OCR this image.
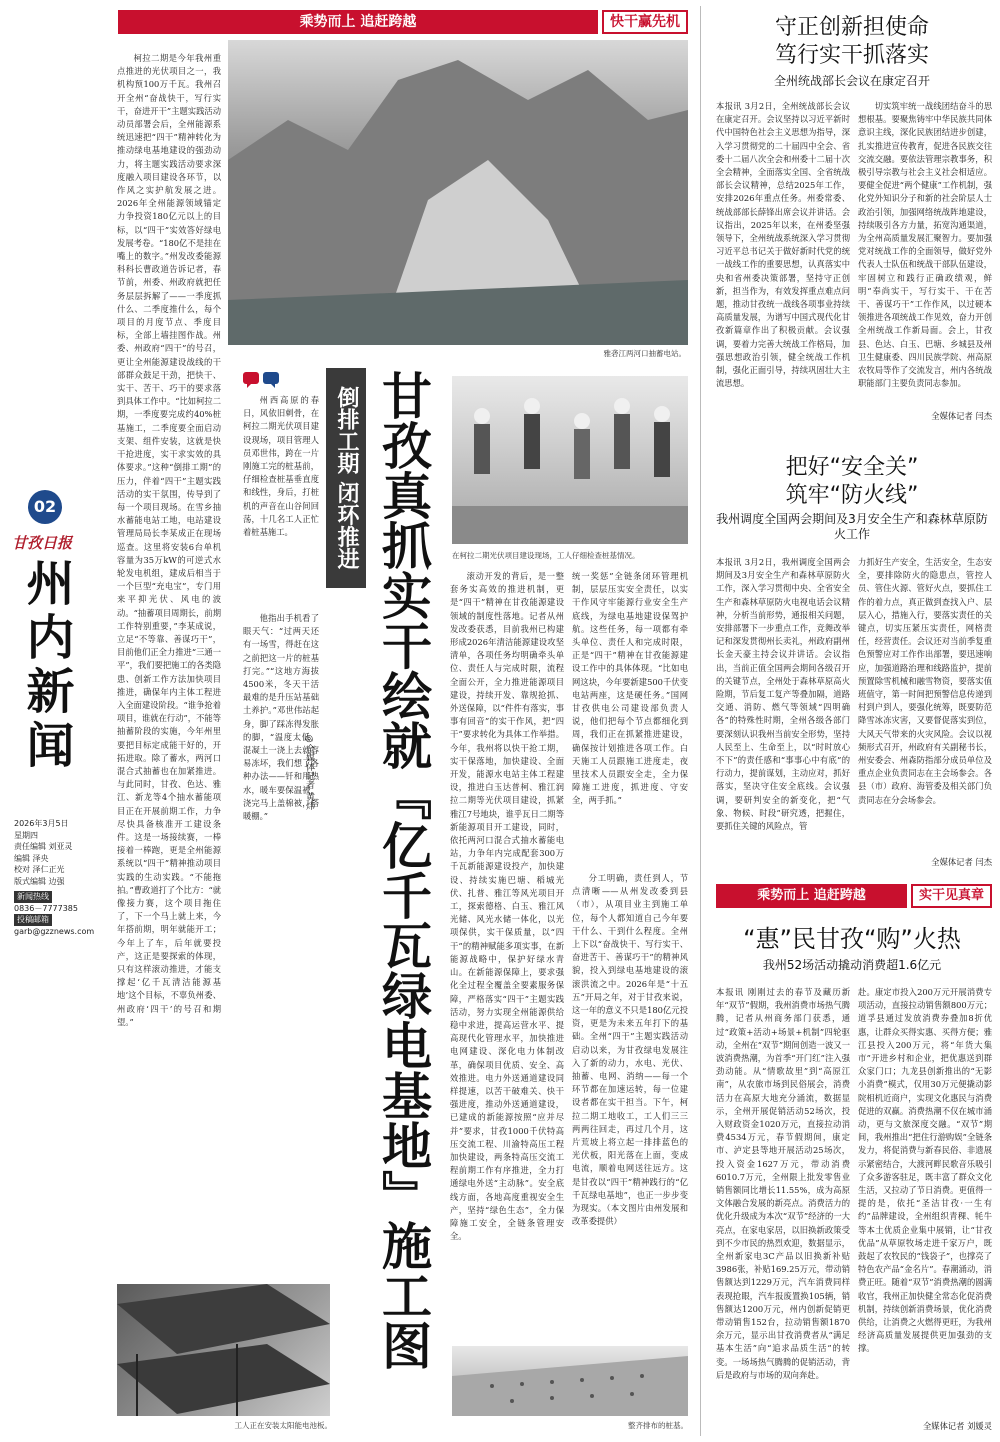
02
甘孜日报
州内新闻
2026年3月5日
星期四
责任编辑 刘亚灵
编辑 泽央
校对 泽仁正光
版式编辑 边强
新闻热线
0836－7777385
投稿邮箱
garb@gzznews.com
乘势而上 追赶跨越	快干赢先机
柯拉二期是今年我州重点推进的光伏项目之一，我机构预100万千瓦。我州召开全州“奋战快干，写行实干，奋进开干”主题实践活动动员部署会后，全州能源系统迅速把“四干”精神转化为推动绿电基地建设的强劲动力，将主题实践活动要求深度融入项目建设各环节，以作风之实护航发展之进。2026年全州能源领域锚定力争投资180亿元以上的目标，以“四干”实效答好绿电发展考卷。“180亿不是挂在嘴上的数字。”州发改委能源科科长曹政道告诉记者，春节前，州委、州政府就把任务层层拆解了——一季度抓什么、二季度推什么，每个项目的月度节点、季度目标，全部上墙挂图作战。州委、州政府“四干”的号召，更让全州能源建设战线的干部群众鼓足干劲，把快干、实干、苦干、巧干的要求落到具体工作中。“比如柯拉二期，一季度要完成约40%桩基施工，二季度要全面启动支架、组件安装，这就是快干抢进度，实干求实效的具体要求。”这种“倒排工期”的压力，伴着“四干”主题实践活动的实干氛围，传导到了每一个项目现场。在雪乡抽水蓄能电站工地，电站建设管理局局长李某成正在现场巡查。这里将安装6台单机容量为35万kW的可逆式水轮发电机组，建成后相当于一个巨型“充电宝”，专门用来平抑光伏、风电的波动。“抽蓄项目周期长，前期工作特别重要，”李某成说，立足“不等靠、善谋巧干”，目前他们正全力推进“三通一平”，我们要把施工的各类隐患、创新工作方法加快项目推进，确保年内主体工程进入全面建设阶段。“谁争抢着项目，谁就在行动”，不能等抽蓄阶段的实施，今年州里要把目标定成能干好的，开拓进取。除了蓄水，两河口混合式抽蓄也在加紧推进。与此同时，甘孜、色达、雅江、新龙等4个抽水蓄能项目正在开展前期工作，力争尽快具备核准开工建设条件。这是一场接续赛，一棒接着一棒跑，更是全州能源系统以“四干”精神推动项目实践的生动实践。“不能拖拍。”曹政道打了个比方：“就像接力赛，这个项目拖住了，下一个马上就上来，今年搭前期，明年就能开工；今年上了车，后年就要投产，这正是要探索的体现，只有这样滚动推进，才能支撑起‘亿千瓦清洁能源基地’这个目标，不辜负州委、州政府‘四干’的号召和期望。”
雅砻江两河口抽蓄电站。
倒排工期 闭环推进 甘孜真抓实干绘就『亿千瓦绿电基地』施工图
州西高原的春日，风依旧刺骨，在柯拉二期光伏项目建设现场，项目管理人员邓世伟，跨在一片刚施工完的桩基前，仔细检查桩基垂直度和线性，身后，打桩机的声音在山谷间回荡，十几名工人正忙着桩基施工。
他指出手机看了眼天气：“过两天还有一场雪，得赶在这之前把这一片的桩基打完。”“这地方海拔4500米，冬天干活最难的是升压站基础土养护。”邓世伟站起身，脚了踩冻得发胀的脚，“温度太低，混凝土一浇上去就容易冻坏，我们想了各种办法——钎和用热水，暖车要保温被，浇完马上盖棉被，搭暖棚。”
◎全媒体记者 黄炜
在柯拉二期光伏项目建设现场，工人仔细检查桩基情况。
滚动开发的背后，是一整套务实高效的推进机制，更是“四干”精神在甘孜能源建设领域的制度性落地。记者从州发改委获悉，目前我州已构建形成2026年清洁能源建设攻坚清单，各项任务均明确牵头单位、责任人与完成时限，流程全面公开，全力推进能源项目建设，持续开发、靠规抢抓、外送保障，以“件件有落实，事事有回音”的实干作风，把“四干”要求转化为具体工作举措。今年，我州将以快干抢工期，实干保落地，加快建设、全面开发，能源水电站主体工程建设，推进白玉达普柯、雅江润拉二期等光伏项目建设，抓紧雅江7号地块，谁乎瓦日二期等新能源项目开工建设，同时，依托两河口混合式抽水蓄能电站，力争年内完成配套300万千瓦新能源建设投产，加快建设、持续实施巴塘、稻城光伏、扎普、雅江等风光项目开工，探索德格、白玉、雅江风光储、风光水储一体化，以光项保供，实干保质量，以“四干”的精神赋能多项实事，在新能源战略中，保护好绿水青山。在新能源保障上，要求强化全过程全覆盖全要素服务保障，严格落实“四干”主题实践活动，努力实现全州能源供给稳中求进，提高运营水平、提高现代化管理水平，加快推进电网建设、深化电力体制改革，确保项目优质、安全、高效推进。电力外送通道建设同样提速，以苦干破难关、快干强进度，推动外送通道建设，已建成的新能源按照“应并尽并”要求，甘孜1000千伏特高压交流工程、川渝特高压工程加快建设，两条特高压交流工程前期工作有序推进，全力打通绿电外送“主动脉”。安全底线方面，各地高度重视安全生产，坚持“绿色生态”，全力保障施工安全，全链条管理安全。
统一奖惩”全链条闭环管理机制，层层压实安全责任，以实干作风守牢能源行业安全生产底线，为绿电基地建设保驾护航。这些任务，每一项都有牵头单位、责任人和完成时限，正是“四干”精神在甘孜能源建设工作中的具体体现。“比如电网这块，今年要新建500千伏变电站两座，这是硬任务。”国网甘孜供电公司建设部负责人说，他们把每个节点都细化到周，我们正在抓紧推进建设，确保按计划推进各项工作。白天施工人员跟施工进度走，夜里技术人员跟安全走，全力保障施工进度，抓进度、守安全，两手抓。”
分工明确，责任到人，节点清晰——从州发改委到县（市），从项目业主到施工单位，每个人都知道自己今年要干什么、干到什么程度。全州上下以“奋战快干、写行实干、奋进苦干、善谋巧干”的精神风貌，投入到绿电基地建设的滚滚洪流之中。2026年是“十五五”开局之年，对于甘孜来说，这一年的意义不只是180亿元投资，更是为未来五年打下的基础。全州“四干”主题实践活动启动以来，为甘孜绿电发展注入了新的动力，水电、光伏、抽蓄、电网、消纳——每一个环节都在加速运转，每一位建设者都在实干担当。下午，柯拉二期工地收工，工人们三三两两往回走，再过几个月，这片荒坡上将立起一排排蓝色的光伏板，阳光落在上面，变成电流，顺着电网送往远方。这是甘孜以“四干”精神践行的“亿千瓦绿电基地”，也正一步步变为现实。（本文图片由州发展和改革委提供）
工人正在安装太阳能电池板。	整齐排布的桩基。
守正创新担使命
笃行实干抓落实
全州统战部长会议在康定召开
本报讯 3月2日，全州统战部长会议在康定召开。会议坚持以习近平新时代中国特色社会主义思想为指导，深入学习贯彻党的二十届四中全会、省委十二届八次全会和州委十二届十次全会精神，全面落实全国、全省统战部长会议精神，总结2025年工作，安排2026年重点任务。州委常委、统战部部长薛锋出席会议并讲话。会议指出，2025年以来，在州委坚强领导下，全州统战系统深入学习贯彻习近平总书记关于做好新时代党的统一战线工作的重要思想，认真落实中央和省州委决策部署，坚持守正创新，担当作为，有效发挥重点难点问题，推动甘孜统一战线各项事业持续高质量发展，为谱写中国式现代化甘孜新篇章作出了积极贡献。会议强调，要着力完善大统战工作格局，加强思想政治引领，健全统战工作机制，强化正面引导，持续巩固壮大主流思想。
切实筑牢统一战线团结奋斗的思想根基。要聚焦铸牢中华民族共同体意识主线，深化民族团结进步创建，扎实推进宣传教育，促进各民族交往交流交融。要依法管理宗教事务，积极引导宗教与社会主义社会相适应。要健全促进“两个健康”工作机制，强化党外知识分子和新的社会阶层人士政治引领，加强网络统战阵地建设，持续吸引各方力量，拓宽沟通渠道，为全州高质量发展汇聚智力。要加强党对统战工作的全面领导，做好党外代表人士队伍和统战干部队伍建设，牢固树立和践行正确政绩观，鲜明“奉尚实干，写行实干、干在苦干、善谋巧干”工作作风，以过硬本领推进各项统战工作见效，奋力开创全州统战工作新局面。会上，甘孜县、色达、白玉、巴塘、乡城县及州卫生健康委、四川民族学院、州高原农牧局等作了交流发言，州内各统战职能部门主要负责同志参加。
全媒体记者 闫杰
把好“安全关”
筑牢“防火线”
我州调度全国两会期间及3月安全生产和森林草原防火工作
本报讯 3月2日，我州调度全国两会期间及3月安全生产和森林草原防火工作，深入学习贯彻中央、全省安全生产和森林草原防火电视电话会议精神，分析当前形势，通报相关问题，安排部署下一步重点工作，竞舞改举记和深发贯彻州长卖礼，州政府副州长金天豪主持会议并讲话。会议指出，当前正值全国两会期间各级召开的关键节点，全州处于森林草原高火险期，节后复工复产等叠加隔，道路交通、消防、燃气等领域“四明确各”的特殊性时期，全州各级各部门要深刻认识我州当前安全形势，坚持人民至上、生命至上，以“时时放心不下”的责任感和“事事心中有底”的行动力，提前谋划，主动应对，抓好落实，坚决守住安全底线。会议强调，要研判安全的新变化，把“气象、物候、时段”研究透，把握住，要抓住关键的风险点，管
力抓好生产安全，生活安全，生态安全，要排除防火的隐患点，管控人员、管住火源、管好火点，要抓住工作的着力点，真正做到查找入户、层层入心，措施入行，要落实责任的关键点，切实压紧压实责任，网格责任，经营责任。会议还对当前季复重色预警应对工作作出部署，要迅速响应，加强道路治理和线路监护，提前预置除雪机械和融雪物资，要落实值班值守，第一时间把预警信息传递到村到户到人，要强化统筹，既要防范降雪冰冻灾害，又要督促落实到位，大风天气带来的火灾风险。会议以视频形式召开，州政府有关副秘书长，州安委会、州森防指部分成员单位及重点企业负责同志在主会场参会。各县（市）政府、海管委及相关部门负责同志在分会场参会。
全媒体记者 闫杰
乘势而上 追赶跨越	实干见真章
“惠”民甘孜“购”火热
我州52场活动撬动消费超1.6亿元
本报讯 刚刚过去的春节及藏历新年“双节”假期，我州消费市场热气腾腾，记者从州商务部门获悉，通过“政策+活动+场景+机制”四轮驱动，全州在“双节”期间创造一波又一波消费热潮，为首季“开门红”注入强劲动能。从“情歌故里”到“高原江南”，从农旅市场到民俗展会，消费活力在高原大地充分涌流，数据显示，全州开展促销活动52场次，投入财政资金1020万元，直接拉动消费4534万元，春节假期间，康定市、泸定县等地开展活动25场次，投入资金1627万元，带动消费6010.7万元，全州限上批发零售业销售额同比增长11.55%，成为高原文体融合发展的新亮点。消费活力的优化升级成为本次“双节”经济的一大亮点，在家电家居，以旧换新政策受到不少市民的热烈欢迎，数据显示，全州新家电3C产品以旧换新补贴3986张，补贴169.25万元，带动销售额达到1229万元，汽车消费同样表现抢眼，汽车报废置换105辆，销售额达1200万元，州内创新促销更带动销售152台，拉动销售额1870余万元，显示出甘孜消费者从“满足基本生活”向“追求品质生活”的转变。一场场热气腾腾的促销活动，背后是政府与市场的双向奔赴。
赴。康定市投入200万元开展消费专项活动，直接拉动销售额800万元；道孚县通过发放消费券叠加8折优惠，让群众买得实惠、买得方便；雅江县投入200万元，将“年货大集市”开进乡村和企业，把优惠送到群众家门口；九龙县创新推出的“无影小消费”模式，仅用30万元便撬动影院相机近商户，实现文化惠民与消费促进的双赢。消费热潮不仅在城市涌动，更与文旅深度交融。“双节”期间，我州推出“把住行游购娱”全链条发力，将促消费与新春民俗、非遗展示紧密结合，大渡河畔民歌音乐吸引了众多游客驻足，既丰富了群众文化生活，又拉动了节日消费。更值得一提的是，依托“圣洁甘孜·一生有约”品牌建设，全州组织青稞、牦牛等本土优质企业集中展销，让“甘孜优品”从草原牧场走进千家万户，既鼓起了农牧民的“钱袋子”，也撑亮了特色农产品“金名片”。春潮涌动，消费正旺。随着“双节”消费热潮的圆满收官，我州正加快健全常态化促消费机制，持续创新消费场景，优化消费供给，让消费之火燃得更旺，为我州经济高质量发展提供更加强劲的支撑。
全媒体记者 刘媛灵
